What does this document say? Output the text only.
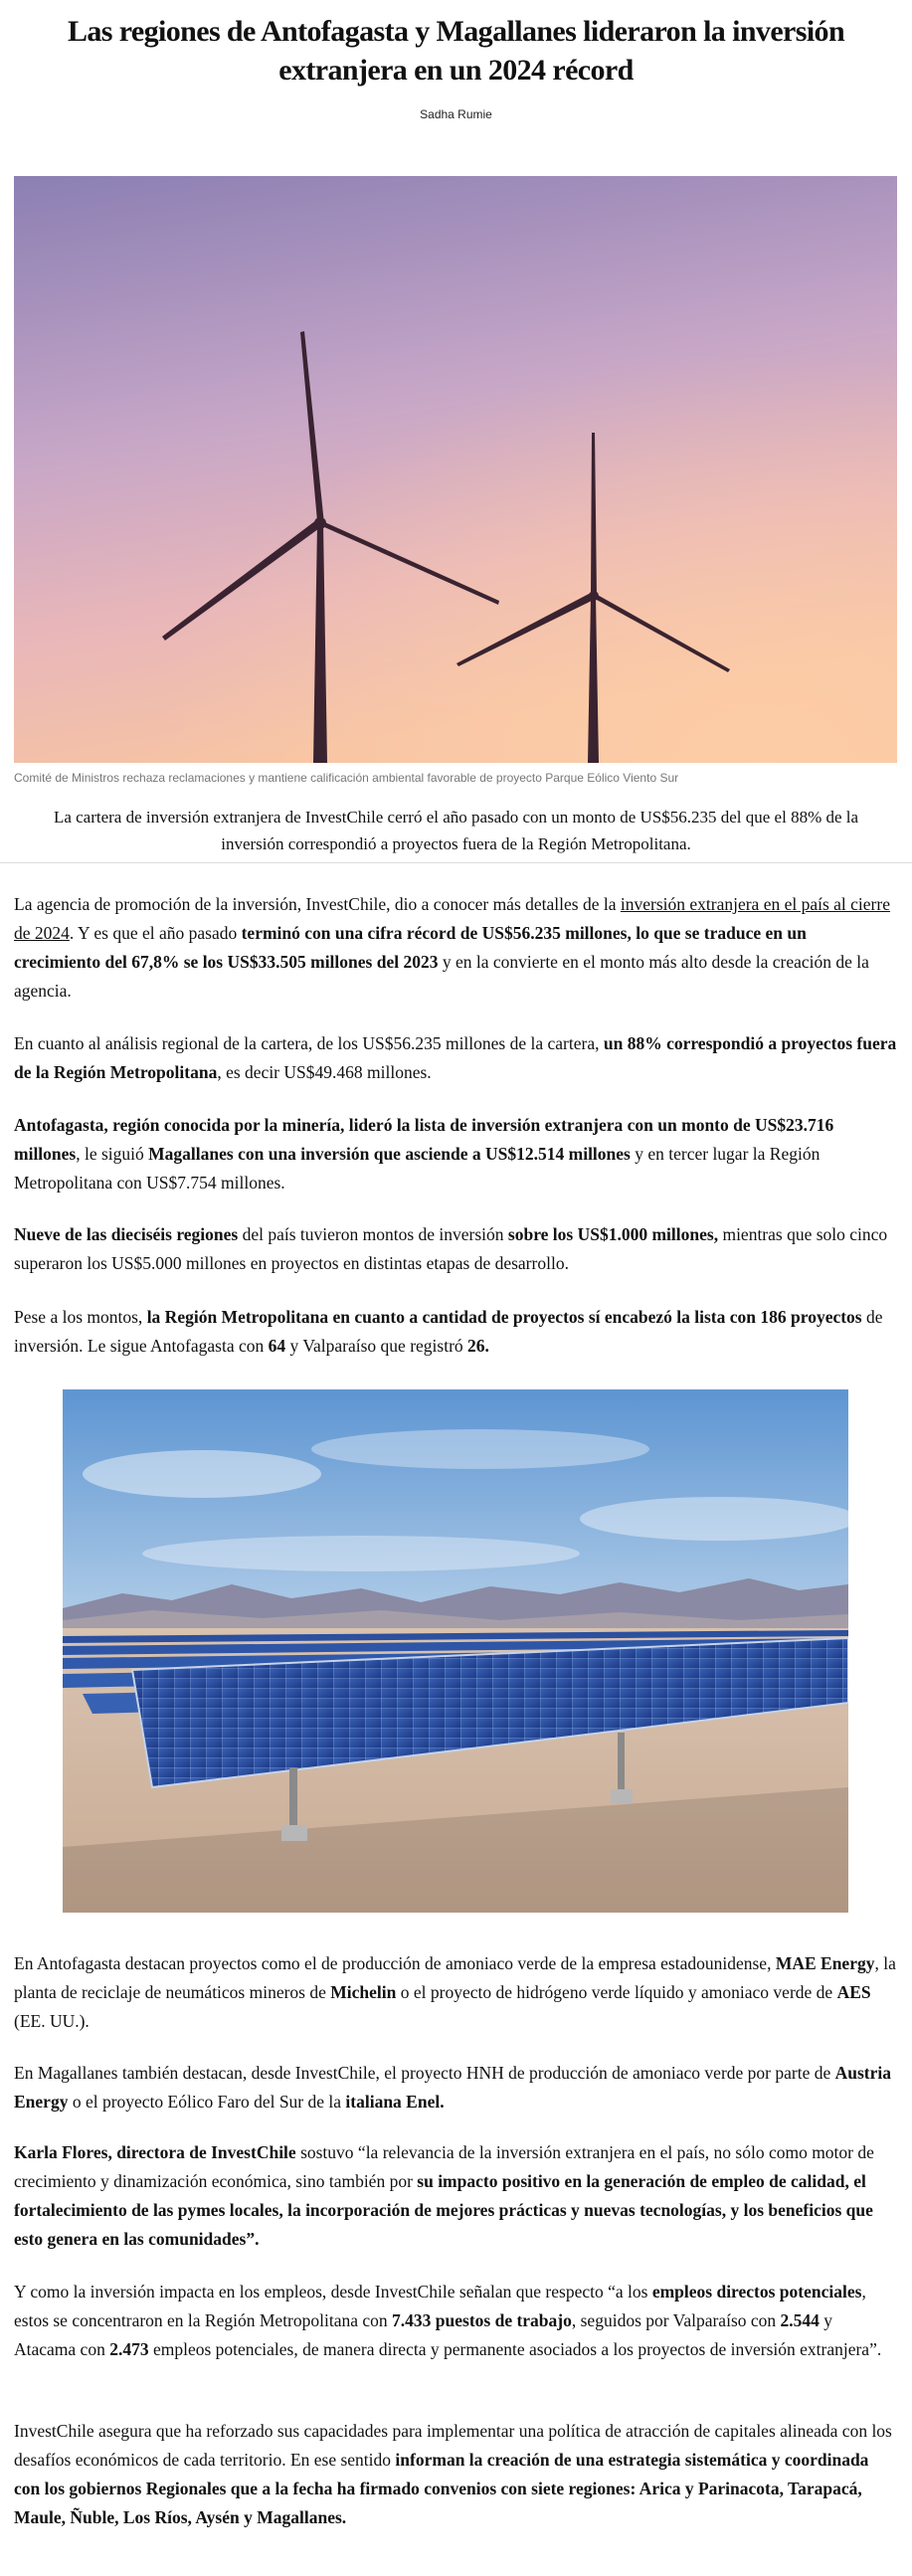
Las regiones de Antofagasta y Magallanes lideraron la inversión extranjera en un 2024 récord
Sadha Rumie
Comité de Ministros rechaza reclamaciones y mantiene calificación ambiental favorable de proyecto Parque Eólico Viento Sur

La cartera de inversión extranjera de InvestChile cerró el año pasado con un monto de US$56.235 del que el 88% de la inversión correspondió a proyectos fuera de la Región Metropolitana.

La agencia de promoción de la inversión, InvestChile, dio a conocer más detalles de la inversión extranjera en el país al cierre de 2024. Y es que el año pasado terminó con una cifra récord de US$56.235 millones, lo que se traduce en un crecimiento del 67,8% se los US$33.505 millones del 2023 y en la convierte en el monto más alto desde la creación de la agencia.

En cuanto al análisis regional de la cartera, de los US$56.235 millones de la cartera, un 88% correspondió a proyectos fuera de la Región Metropolitana, es decir US$49.468 millones.

Antofagasta, región conocida por la minería, lideró la lista de inversión extranjera con un monto de US$23.716 millones, le siguió Magallanes con una inversión que asciende a US$12.514 millones y en tercer lugar la Región Metropolitana con US$7.754 millones.

Nueve de las dieciséis regiones del país tuvieron montos de inversión sobre los US$1.000 millones, mientras que solo cinco superaron los US$5.000 millones en proyectos en distintas etapas de desarrollo.

Pese a los montos, la Región Metropolitana en cuanto a cantidad de proyectos sí encabezó la lista con 186 proyectos de inversión. Le sigue Antofagasta con 64 y Valparaíso que registró 26.

En Antofagasta destacan proyectos como el de producción de amoniaco verde de la empresa estadounidense, MAE Energy, la planta de reciclaje de neumáticos mineros de Michelin o el proyecto de hidrógeno verde líquido y amoniaco verde de AES (EE. UU.).

En Magallanes también destacan, desde InvestChile, el proyecto HNH de producción de amoniaco verde por parte de Austria Energy o el proyecto Eólico Faro del Sur de la italiana Enel.

Karla Flores, directora de InvestChile sostuvo “la relevancia de la inversión extranjera en el país, no sólo como motor de crecimiento y dinamización económica, sino también por su impacto positivo en la generación de empleo de calidad, el fortalecimiento de las pymes locales, la incorporación de mejores prácticas y nuevas tecnologías, y los beneficios que esto genera en las comunidades”.

Y como la inversión impacta en los empleos, desde InvestChile señalan que respecto “a los empleos directos potenciales, estos se concentraron en la Región Metropolitana con 7.433 puestos de trabajo, seguidos por Valparaíso con 2.544 y Atacama con 2.473 empleos potenciales, de manera directa y permanente asociados a los proyectos de inversión extranjera”.

InvestChile asegura que ha reforzado sus capacidades para implementar una política de atracción de capitales alineada con los desafíos económicos de cada territorio. En ese sentido informan la creación de una estrategia sistemática y coordinada con los gobiernos Regionales que a la fecha ha firmado convenios con siete regiones: Arica y Parinacota, Tarapacá, Maule, Ñuble, Los Ríos, Aysén y Magallanes.
